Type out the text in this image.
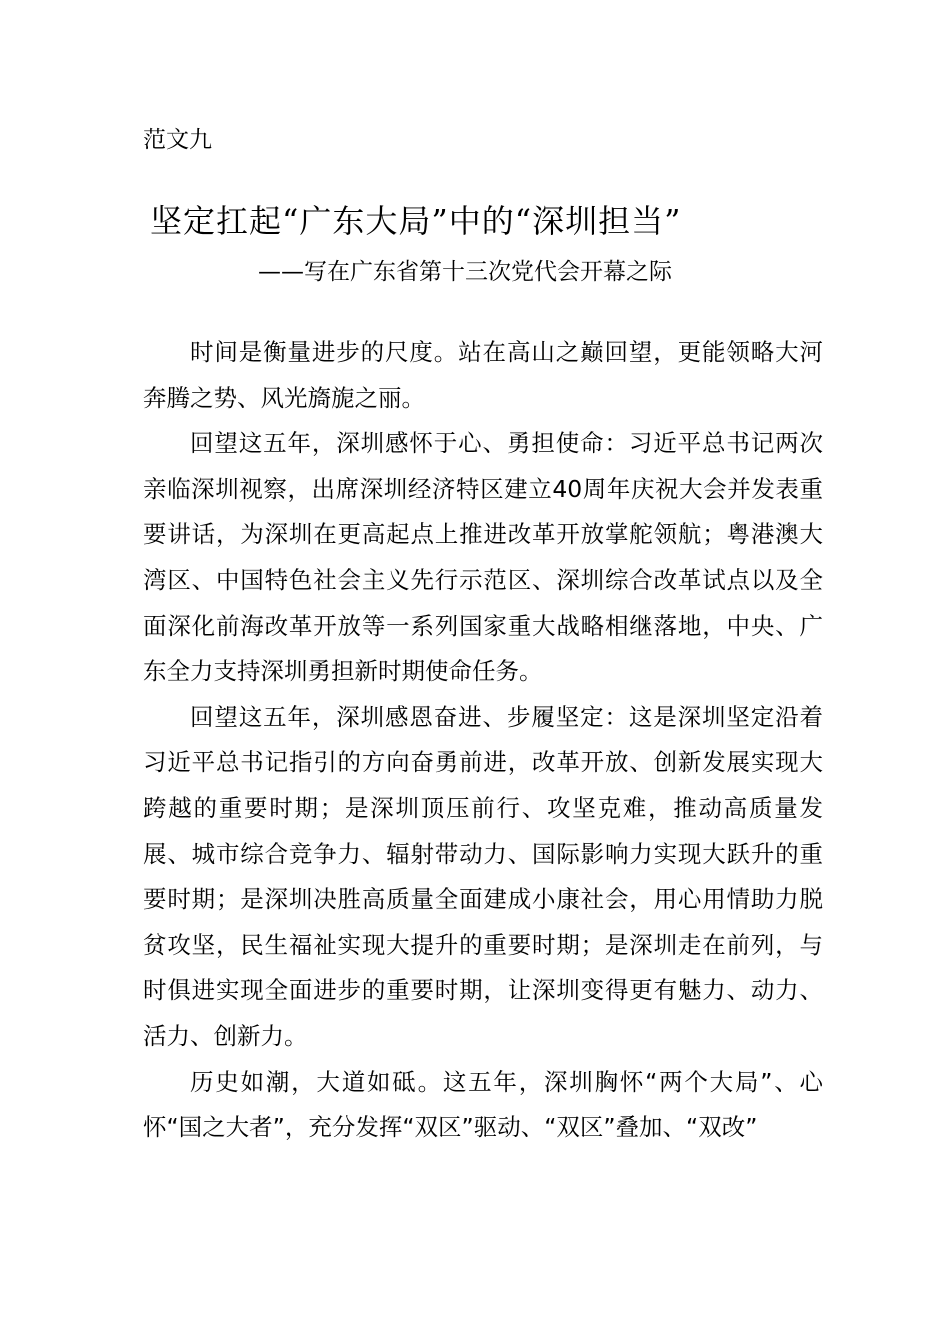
范文九
坚定扛起“广东大局”中的“深圳担当”
——写在广东省第十三次党代会开幕之际

时间是衡量进步的尺度。站在高山之巅回望，更能领略大河奔腾之势、风光旖旎之丽。

回望这五年，深圳感怀于心、勇担使命：习近平总书记两次亲临深圳视察，出席深圳经济特区建立40周年庆祝大会并发表重要讲话，为深圳在更高起点上推进改革开放掌舵领航；粤港澳大湾区、中国特色社会主义先行示范区、深圳综合改革试点以及全面深化前海改革开放等一系列国家重大战略相继落地，中央、广东全力支持深圳勇担新时期使命任务。

回望这五年，深圳感恩奋进、步履坚定：这是深圳坚定沿着习近平总书记指引的方向奋勇前进，改革开放、创新发展实现大跨越的重要时期；是深圳顶压前行、攻坚克难，推动高质量发展、城市综合竞争力、辐射带动力、国际影响力实现大跃升的重要时期；是深圳决胜高质量全面建成小康社会，用心用情助力脱贫攻坚，民生福祉实现大提升的重要时期；是深圳走在前列，与时俱进实现全面进步的重要时期，让深圳变得更有魅力、动力、活力、创新力。

历史如潮，大道如砥。这五年，深圳胸怀“两个大局”、心怀“国之大者”，充分发挥“双区”驱动、“双区”叠加、“双改”
